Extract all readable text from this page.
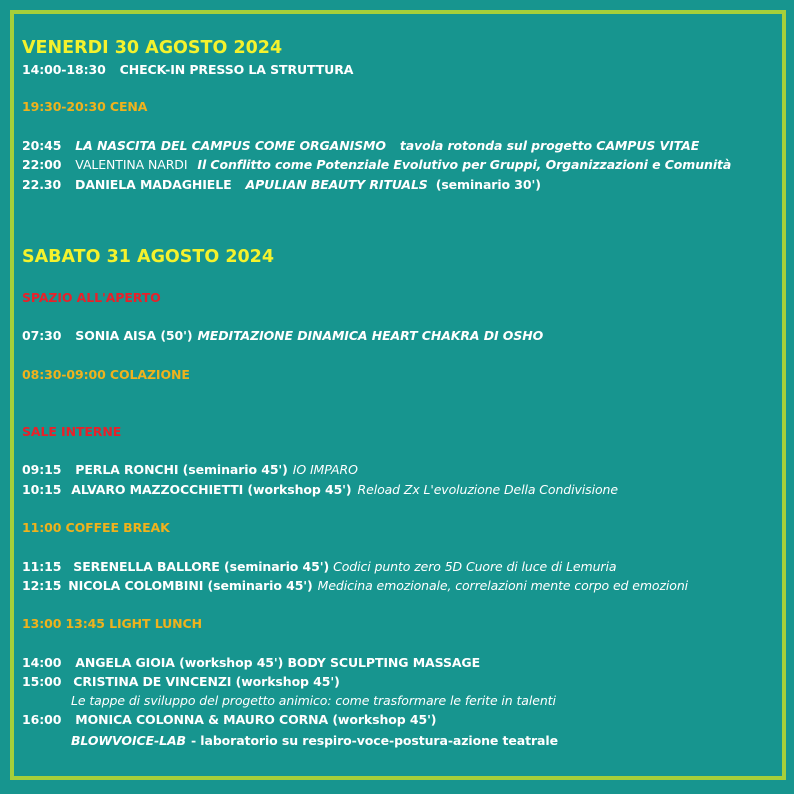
VENERDI 30 AGOSTO 2024
14:00-18:30 CHECK-IN PRESSO LA STRUTTURA
19:30-20:30 CENA
20:45 LA NASCITA DEL CAMPUS COME ORGANISMO tavola rotonda sul progetto CAMPUS VITAE
22:00 VALENTINA NARDI Il Conflitto come Potenziale Evolutivo per Gruppi, Organizzazioni e Comunità
22.30 DANIELA MADAGHIELE APULIAN BEAUTY RITUALS (seminario 30')
SABATO 31 AGOSTO 2024
SPAZIO ALL'APERTO
07:30 SONIA AISA (50') MEDITAZIONE DINAMICA HEART CHAKRA DI OSHO
08:30-09:00 COLAZIONE
SALE INTERNE
09:15 PERLA RONCHI (seminario 45') IO IMPARO
10:15 ALVARO MAZZOCCHIETTI (workshop 45') Reload Zx L'evoluzione Della Condivisione
11:00 COFFEE BREAK
11:15 SERENELLA BALLORE (seminario 45') Codici punto zero 5D Cuore di luce di Lemuria
12:15 NICOLA COLOMBINI (seminario 45') Medicina emozionale, correlazioni mente corpo ed emozioni
13:00 13:45 LIGHT LUNCH
14:00 ANGELA GIOIA (workshop 45') BODY SCULPTING MASSAGE
15:00 CRISTINA DE VINCENZI (workshop 45')
Le tappe di sviluppo del progetto animico: come trasformare le ferite in talenti
16:00 MONICA COLONNA & MAURO CORNA (workshop 45')
BLOWVOICE-LAB - laboratorio su respiro-voce-postura-azione teatrale
